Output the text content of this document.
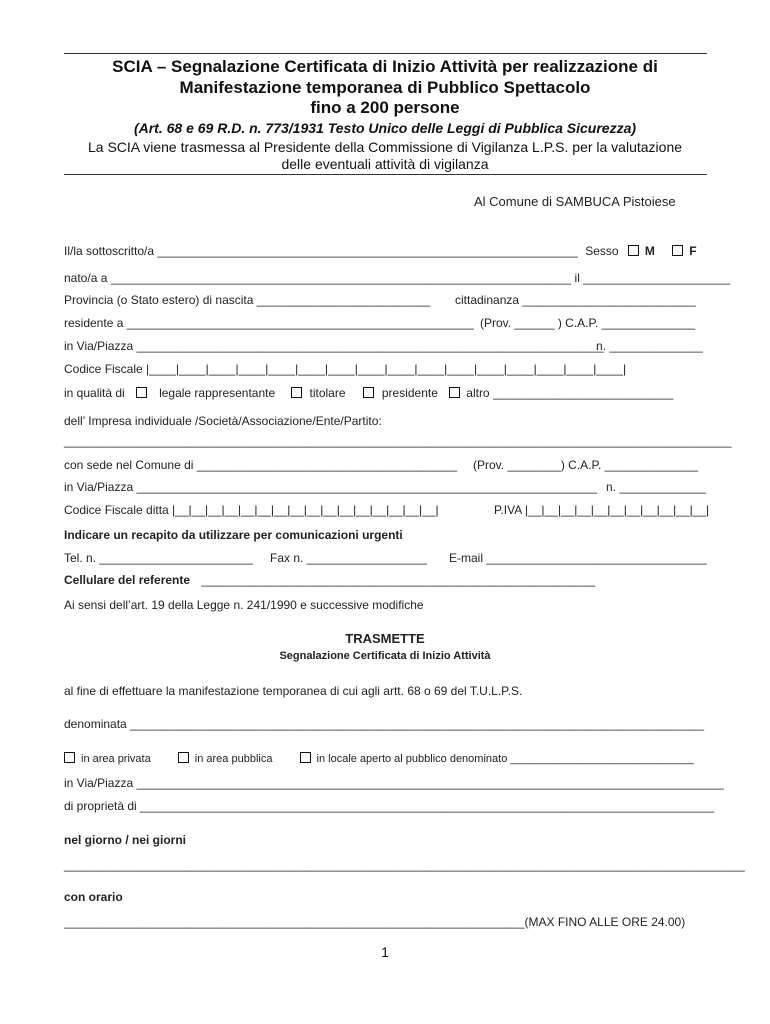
SCIA – Segnalazione Certificata di Inizio Attività per realizzazione di
Manifestazione temporanea di Pubblico Spettacolo
fino a 200 persone
(Art. 68 e 69 R.D. n. 773/1931 Testo Unico delle Leggi di Pubblica Sicurezza)
La SCIA viene trasmessa al Presidente della Commissione di Vigilanza L.P.S. per la valutazione
delle eventuali attività di vigilanza
Al Comune di SAMBUCA Pistoiese
Il/la sottoscritto/a _______________________________________________________________ Sesso M	F
nato/a a _____________________________________________________________________ il ______________________
Provincia (o Stato estero) di nascita __________________________ cittadinanza __________________________
residente a ____________________________________________________ (Prov. ______ ) C.A.P. ______________
in Via/Piazza ______________________________________________________________________
n. ______________
Codice Fiscale |____|____|____|____|____|____|____|____|____|____|____|____|____|____|____|____|
in qualità di	legale rappresentante	titolare	presidente altro ___________________________
dell’ Impresa individuale /Società/Associazione/Ente/Partito:
____________________________________________________________________________________________________
con sede nel Comune di _______________________________________ (Prov. ________) C.A.P. ______________
in Via/Piazza _____________________________________________________________________ n. _____________
Codice Fiscale ditta |__|__|__|__|__|__|__|__|__|__|__|__|__|__|__|__|	P.IVA |__|__|__|__|__|__|__|__|__|__|__|
Indicare un recapito da utilizzare per comunicazioni urgenti
Tel. n. _______________________ Fax n. __________________ E-mail _________________________________
Cellulare del referente ___________________________________________________________
Ai sensi dell’art. 19 della Legge n. 241/1990 e successive modifiche
TRASMETTE
Segnalazione Certificata di Inizio Attività
al fine di effettuare la manifestazione temporanea di cui agli artt. 68 o 69 del T.U.L.P.S.
denominata ______________________________________________________________________________________
in area privata	in area pubblica	in locale aperto al pubblico denominato ______________________________
in Via/Piazza ________________________________________________________________________________________
di proprietà di ______________________________________________________________________________________
nel giorno / nei giorni
______________________________________________________________________________________________________
con orario
_____________________________________________________________________(MAX FINO ALLE ORE 24.00)
1
